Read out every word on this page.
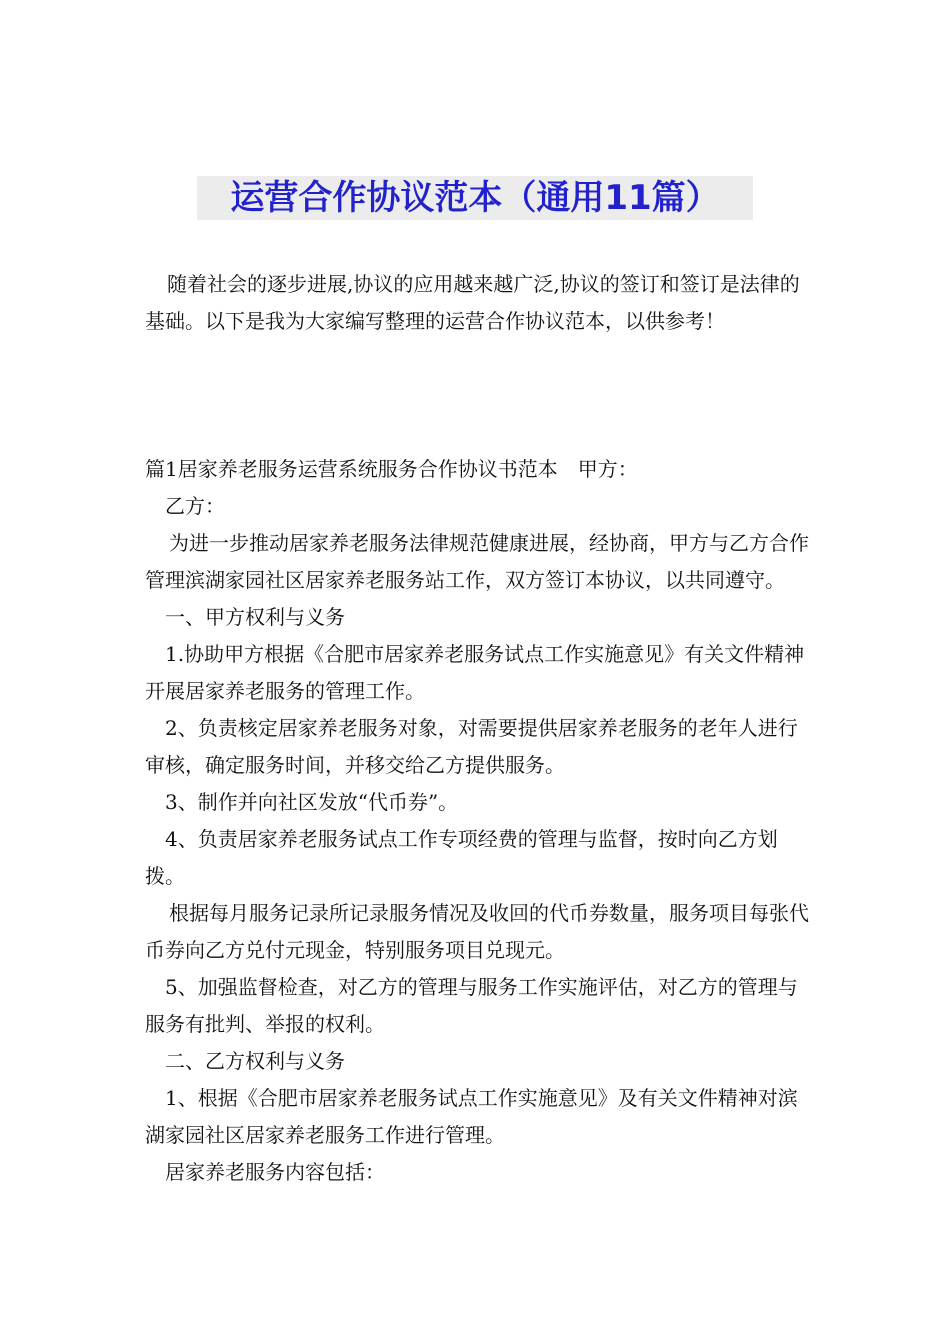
运营合作协议范本（通用11篇）

随着社会的逐步进展,协议的应用越来越广泛,协议的签订和签订是法律的基础。以下是我为大家编写整理的运营合作协议范本，以供参考！

篇1居家养老服务运营系统服务合作协议书范本　甲方：

乙方：

为进一步推动居家养老服务法律规范健康进展，经协商，甲方与乙方合作管理滨湖家园社区居家养老服务站工作，双方签订本协议，以共同遵守。

一、甲方权利与义务

1.协助甲方根据《合肥市居家养老服务试点工作实施意见》有关文件精神开展居家养老服务的管理工作。

2、负责核定居家养老服务对象，对需要提供居家养老服务的老年人进行审核，确定服务时间，并移交给乙方提供服务。

3、制作并向社区发放“代币券”。

4、负责居家养老服务试点工作专项经费的管理与监督，按时向乙方划拨。

根据每月服务记录所记录服务情况及收回的代币券数量，服务项目每张代币券向乙方兑付元现金，特别服务项目兑现元。

5、加强监督检查，对乙方的管理与服务工作实施评估，对乙方的管理与服务有批判、举报的权利。

二、乙方权利与义务

1、根据《合肥市居家养老服务试点工作实施意见》及有关文件精神对滨湖家园社区居家养老服务工作进行管理。

居家养老服务内容包括：
